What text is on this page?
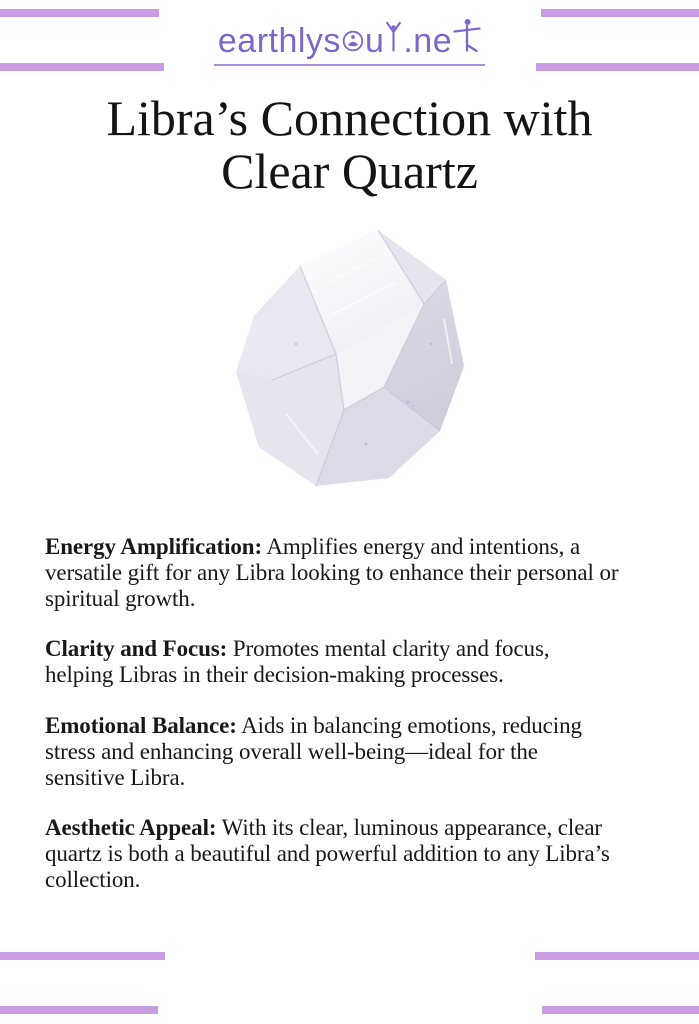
earthlys u .ne
Libra’s Connection with
Clear Quartz

Energy Amplification: Amplifies energy and intentions, a versatile gift for any Libra looking to enhance their personal or spiritual growth.

Clarity and Focus: Promotes mental clarity and focus, helping Libras in their decision-making processes.

Emotional Balance: Aids in balancing emotions, reducing stress and enhancing overall well-being—ideal for the sensitive Libra.

Aesthetic Appeal: With its clear, luminous appearance, clear quartz is both a beautiful and powerful addition to any Libra’s collection.
